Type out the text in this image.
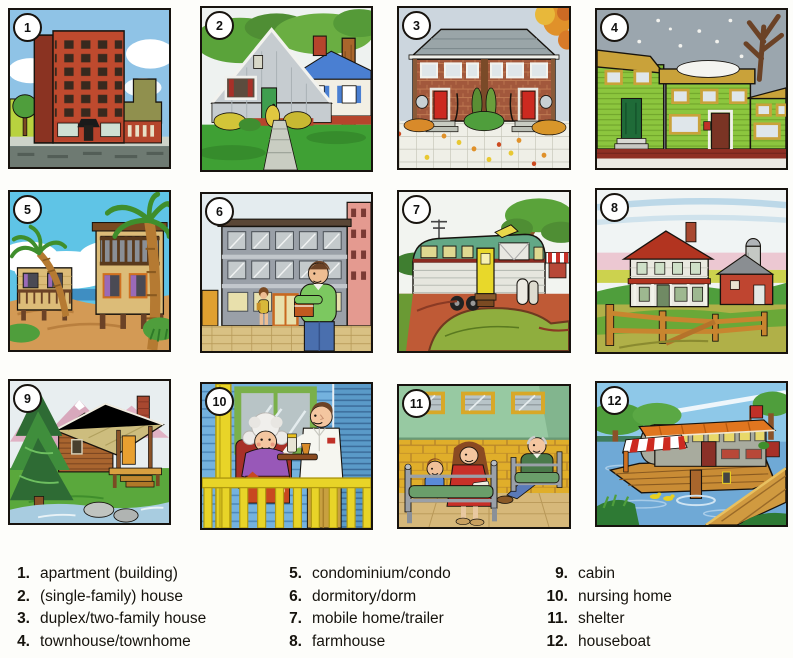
1	2	3	4
5	6	7	8
9	10	11	12
1. apartment (building)
2. (single-family) house
3. duplex/two-family house
4. townhouse/townhome
5. condominium/condo
6. dormitory/dorm
7. mobile home/trailer
8. farmhouse
9. cabin
10. nursing home
11. shelter
12. houseboat
